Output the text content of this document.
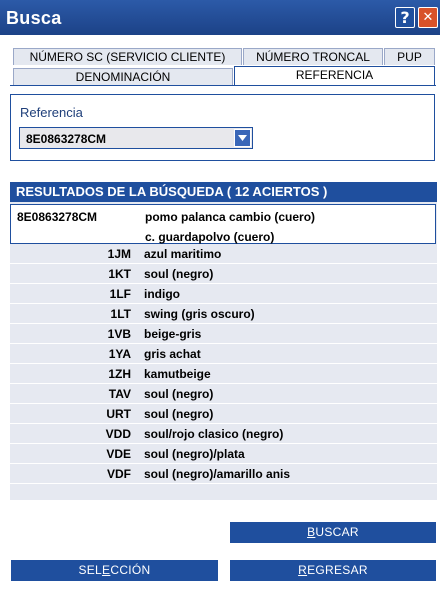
Busca	? ✕
NÚMERO SC (SERVICIO CLIENTE)	NÚMERO TRONCAL	PUP
DENOMINACIÓN	REFERENCIA
Referencia
8E0863278CM
RESULTADOS DE LA BÚSQUEDA ( 12 ACIERTOS )
8E0863278CM	pomo palanca cambio (cuero)
c. guardapolvo (cuero)
1JM azul maritimo
1KT soul (negro)
1LF indigo
1LT swing (gris oscuro)
1VB beige-gris
1YA gris achat
1ZH kamutbeige
TAV soul (negro)
URT soul (negro)
VDD soul/rojo clasico (negro)
VDE soul (negro)/plata
VDF soul (negro)/amarillo anis
BUSCAR
SELECCIÓN	REGRESAR
